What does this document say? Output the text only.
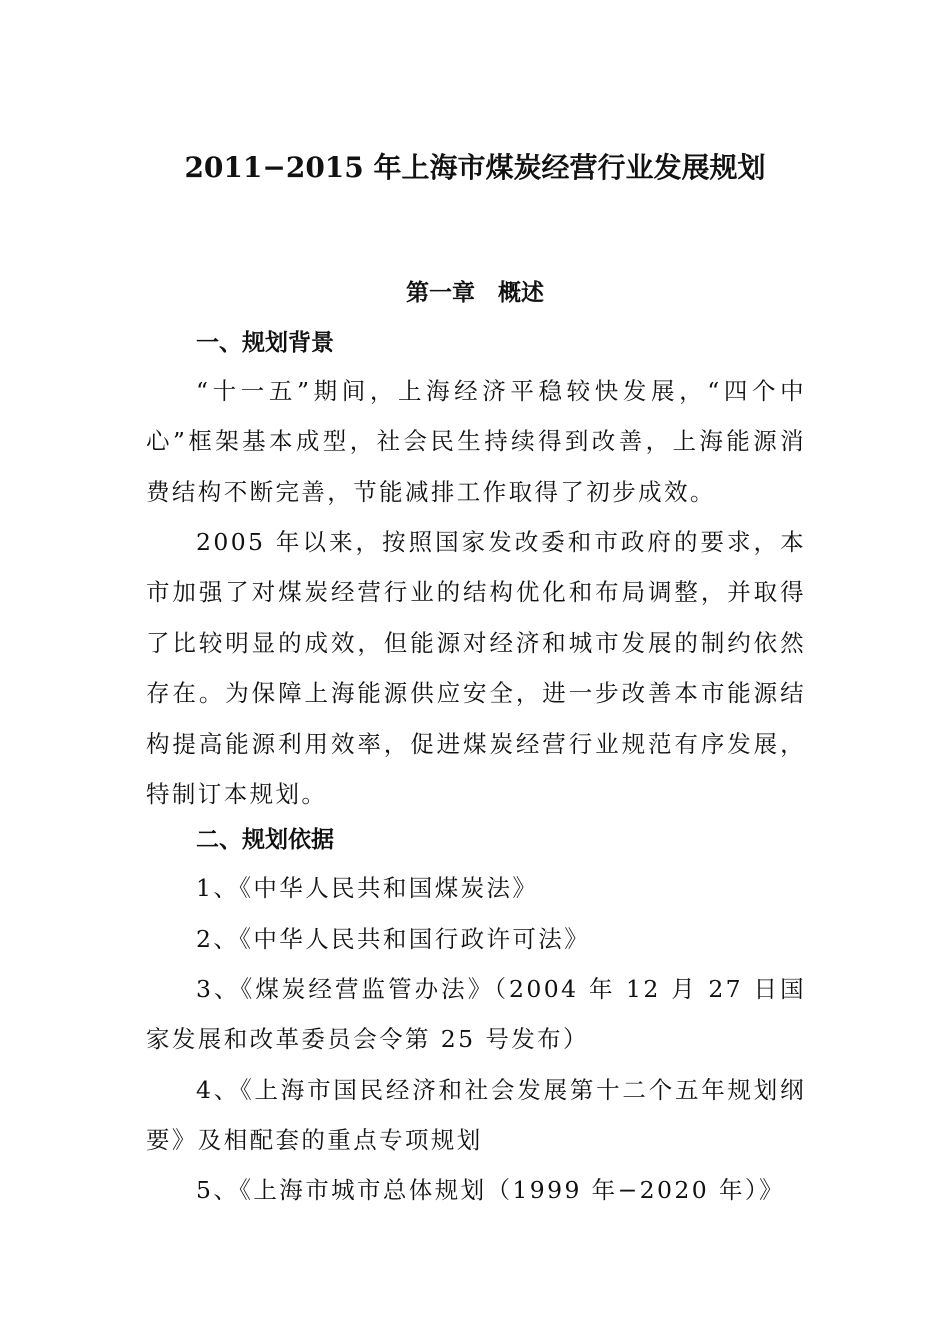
2011−2015 年上海市煤炭经营行业发展规划
第一章　概述
一、规划背景

“十一五”期间，上海经济平稳较快发展，“四个中心”框架基本成型，社会民生持续得到改善，上海能源消费结构不断完善，节能减排工作取得了初步成效。

2005 年以来，按照国家发改委和市政府的要求，本市加强了对煤炭经营行业的结构优化和布局调整，并取得了比较明显的成效，但能源对经济和城市发展的制约依然存在。为保障上海能源供应安全，进一步改善本市能源结构提高能源利用效率，促进煤炭经营行业规范有序发展，特制订本规划。

二、规划依据

1、《中华人民共和国煤炭法》

2、《中华人民共和国行政许可法》

3、《煤炭经营监管办法》（2004 年 12 月 27 日国家发展和改革委员会令第 25 号发布）

4、《上海市国民经济和社会发展第十二个五年规划纲要》及相配套的重点专项规划

5、《上海市城市总体规划（1999 年−2020 年）》
